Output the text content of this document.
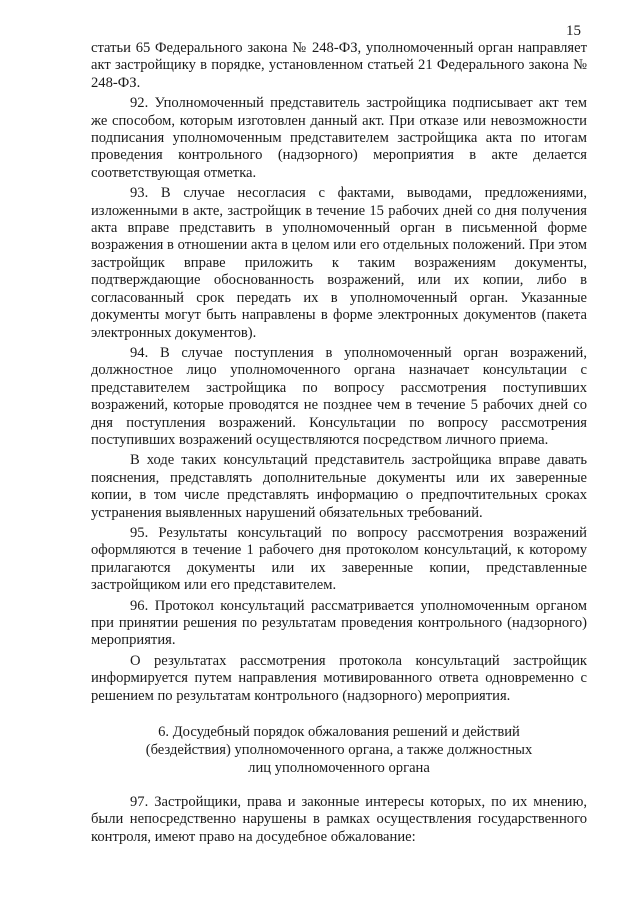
15

статьи 65 Федерального закона № 248-ФЗ, уполномоченный орган направляет акт застройщику в порядке, установленном статьей 21 Федерального закона № 248-ФЗ.

92. Уполномоченный представитель застройщика подписывает акт тем же способом, которым изготовлен данный акт. При отказе или невозможности подписания уполномоченным представителем застройщика акта по итогам проведения контрольного (надзорного) мероприятия в акте делается соответствующая отметка.

93. В случае несогласия с фактами, выводами, предложениями, изложенными в акте, застройщик в течение 15 рабочих дней со дня получения акта вправе представить в уполномоченный орган в письменной форме возражения в отношении акта в целом или его отдельных положений. При этом застройщик вправе приложить к таким возражениям документы, подтверждающие обоснованность возражений, или их копии, либо в согласованный срок передать их в уполномоченный орган. Указанные документы могут быть направлены в форме электронных документов (пакета электронных документов).

94. В случае поступления в уполномоченный орган возражений, должностное лицо уполномоченного органа назначает консультации с представителем застройщика по вопросу рассмотрения поступивших возражений, которые проводятся не позднее чем в течение 5 рабочих дней со дня поступления возражений. Консультации по вопросу рассмотрения поступивших возражений осуществляются посредством личного приема.

В ходе таких консультаций представитель застройщика вправе давать пояснения, представлять дополнительные документы или их заверенные копии, в том числе представлять информацию о предпочтительных сроках устранения выявленных нарушений обязательных требований.

95. Результаты консультаций по вопросу рассмотрения возражений оформляются в течение 1 рабочего дня протоколом консультаций, к которому прилагаются документы или их заверенные копии, представленные застройщиком или его представителем.

96. Протокол консультаций рассматривается уполномоченным органом при принятии решения по результатам проведения контрольного (надзорного) мероприятия.

О результатах рассмотрения протокола консультаций застройщик информируется путем направления мотивированного ответа одновременно с решением по результатам контрольного (надзорного) мероприятия.

6. Досудебный порядок обжалования решений и действий
(бездействия) уполномоченного органа, а также должностных
лиц уполномоченного органа

97. Застройщики, права и законные интересы которых, по их мнению, были непосредственно нарушены в рамках осуществления государственного контроля, имеют право на досудебное обжалование:
